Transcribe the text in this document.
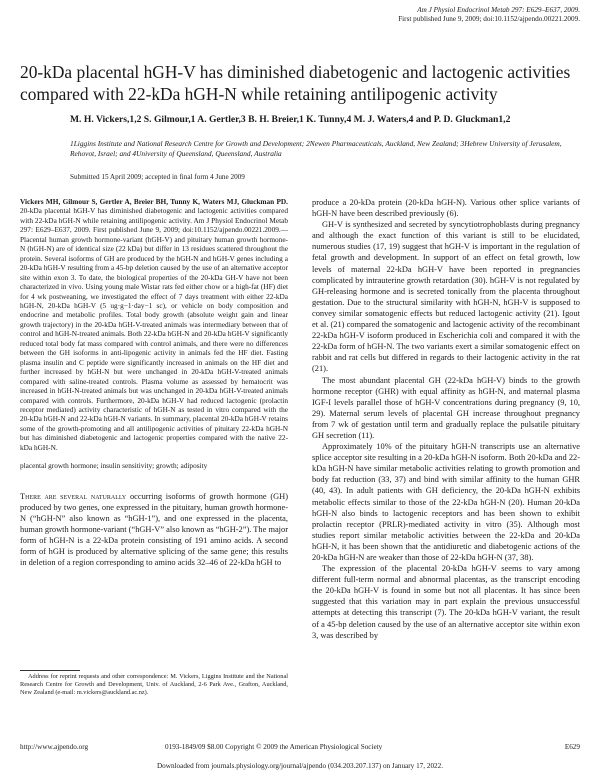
Am J Physiol Endocrinol Metab 297: E629–E637, 2009.
First published June 9, 2009; doi:10.1152/ajpendo.00221.2009.
20-kDa placental hGH-V has diminished diabetogenic and lactogenic activities compared with 22-kDa hGH-N while retaining antilipogenic activity
M. H. Vickers,1,2 S. Gilmour,1 A. Gertler,3 B. H. Breier,1 K. Tunny,4 M. J. Waters,4 and P. D. Gluckman1,2
1Liggins Institute and National Research Centre for Growth and Development; 2Newen Pharmaceuticals, Auckland, New Zealand; 3Hebrew University of Jerusalem, Rehovot, Israel; and 4University of Queensland, Queensland, Australia
Submitted 15 April 2009; accepted in final form 4 June 2009

Vickers MH, Gilmour S, Gertler A, Breier BH, Tunny K, Waters MJ, Gluckman PD. 20-kDa placental hGH-V has diminished diabetogenic and lactogenic activities compared with 22-kDa hGH-N while retaining antilipogenic activity. Am J Physiol Endocrinol Metab 297: E629–E637, 2009. First published June 9, 2009; doi:10.1152/ajpendo.00221.2009.—Placental human growth hormone-variant (hGH-V) and pituitary human growth hormone-N (hGH-N) are of identical size (22 kDa) but differ in 13 residues scattered throughout the protein. Several isoforms of GH are produced by the hGH-N and hGH-V genes including a 20-kDa hGH-V resulting from a 45-bp deletion caused by the use of an alternative acceptor site within exon 3. To date, the biological properties of the 20-kDa GH-V have not been characterized in vivo. Using young male Wistar rats fed either chow or a high-fat (HF) diet for 4 wk postweaning, we investigated the effect of 7 days treatment with either 22-kDa hGH-N, 20-kDa hGH-V (5 ug·g−1·day−1 sc), or vehicle on body composition and endocrine and metabolic profiles. Total body growth (absolute weight gain and linear growth trajectory) in the 20-kDa hGH-V-treated animals was intermediary between that of control and hGH-N-treated animals. Both 22-kDa hGH-N and 20-kDa hGH-V significantly reduced total body fat mass compared with control animals, and there were no differences between the GH isoforms in anti-lipogenic activity in animals fed the HF diet. Fasting plasma insulin and C peptide were significantly increased in animals on the HF diet and further increased by hGH-N but were unchanged in 20-kDa hGH-V-treated animals compared with saline-treated controls. Plasma volume as assessed by hematocrit was increased in hGH-N-treated animals but was unchanged in 20-kDa hGH-V-treated animals compared with controls. Furthermore, 20-kDa hGH-V had reduced lactogenic (prolactin receptor mediated) activity characteristic of hGH-N as tested in vitro compared with the 20-kDa hGH-N and 22-kDa hGH-N variants. In summary, placental 20-kDa hGH-V retains some of the growth-promoting and all antilipogenic activities of pituitary 22-kDa hGH-N but has diminished diabetogenic and lactogenic properties compared with the native 22-kDa hGH-N.

placental growth hormone; insulin sensitivity; growth; adiposity

There are several naturally occurring isoforms of growth hormone (GH) produced by two genes, one expressed in the pituitary, human growth hormone-N (“hGH-N” also known as “hGH-1”), and one expressed in the placenta, human growth hormone-variant (“hGH-V” also known as “hGH-2”). The major form of hGH-N is a 22-kDa protein consisting of 191 amino acids. A second form of hGH is produced by alternative splicing of the same gene; this results in deletion of a region corresponding to amino acids 32–46 of 22-kDa hGH to

Address for reprint requests and other correspondence: M. Vickers, Liggins Institute and the National Research Centre for Growth and Development, Univ. of Auckland, 2-6 Park Ave., Grafton, Auckland, New Zealand (e-mail: m.vickers@auckland.ac.nz).

produce a 20-kDa protein (20-kDa hGH-N). Various other splice variants of hGH-N have been described previously (6).

GH-V is synthesized and secreted by syncytiotrophoblasts during pregnancy and although the exact function of this variant is still to be elucidated, numerous studies (17, 19) suggest that hGH-V is important in the regulation of fetal growth and development. In support of an effect on fetal growth, low levels of maternal 22-kDa hGH-V have been reported in pregnancies complicated by intrauterine growth retardation (30). hGH-V is not regulated by GH-releasing hormone and is secreted tonically from the placenta throughout gestation. Due to the structural similarity with hGH-N, hGH-V is supposed to convey similar somatogenic effects but reduced lactogenic activity (21). Igout et al. (21) compared the somatogenic and lactogenic activity of the recombinant 22-kDa hGH-V isoform produced in Escherichia coli and compared it with the 22-kDa form of hGH-N. The two variants exert a similar somatogenic effect on rabbit and rat cells but differed in regards to their lactogenic activity in the rat (21).

The most abundant placental GH (22-kDa hGH-V) binds to the growth hormone receptor (GHR) with equal affinity as hGH-N, and maternal plasma IGF-I levels parallel those of hGH-V concentrations during pregnancy (9, 10, 29). Maternal serum levels of placental GH increase throughout pregnancy from 7 wk of gestation until term and gradually replace the pulsatile pituitary GH secretion (11).

Approximately 10% of the pituitary hGH-N transcripts use an alternative splice acceptor site resulting in a 20-kDa hGH-N isoform. Both 20-kDa and 22-kDa hGH-N have similar metabolic activities relating to growth promotion and body fat reduction (33, 37) and bind with similar affinity to the human GHR (40, 43). In adult patients with GH deficiency, the 20-kDa hGH-N exhibits metabolic effects similar to those of the 22-kDa hGH-N (20). Human 20-kDa hGH-N also binds to lactogenic receptors and has been shown to exhibit prolactin receptor (PRLR)-mediated activity in vitro (35). Although most studies report similar metabolic activities between the 22-kDa and 20-kDa hGH-N, it has been shown that the antidiuretic and diabetogenic actions of the 20-kDa hGH-N are weaker than those of 22-kDa hGH-N (37, 38).

The expression of the placental 20-kDa hGH-V seems to vary among different full-term normal and abnormal placentas, as the transcript encoding the 20-kDa hGH-V is found in some but not all placentas. It has since been suggested that this variation may in part explain the previous unsuccessful attempts at detecting this transcript (7). The 20-kDa hGH-V variant, the result of a 45-bp deletion caused by the use of an alternative acceptor site within exon 3, was described by

http://www.ajpendo.org	0193-1849/09 $8.00 Copyright © 2009 the American Physiological Society	E629
Downloaded from journals.physiology.org/journal/ajpendo (034.203.207.137) on January 17, 2022.
